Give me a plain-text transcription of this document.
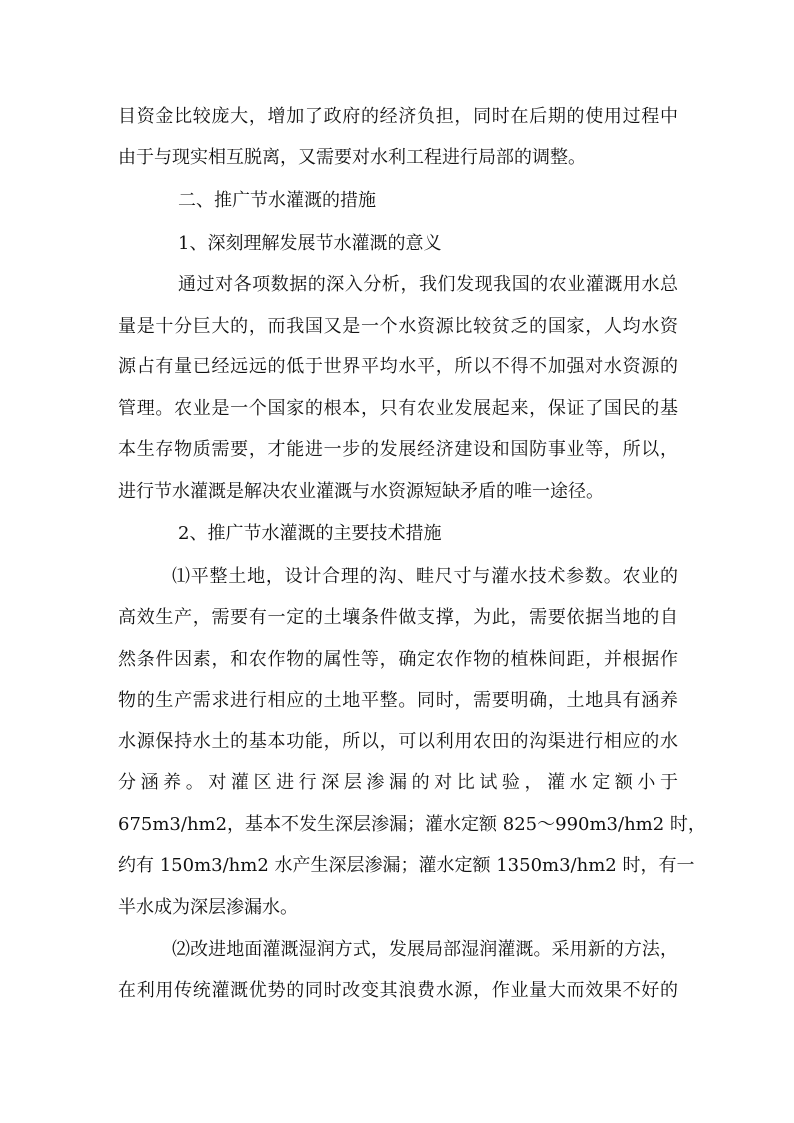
目资金比较庞大，增加了政府的经济负担，同时在后期的使用过程中
由于与现实相互脱离，又需要对水利工程进行局部的调整。
二、推广节水灌溉的措施
1、深刻理解发展节水灌溉的意义
通过对各项数据的深入分析，我们发现我国的农业灌溉用水总
量是十分巨大的，而我国又是一个水资源比较贫乏的国家，人均水资
源占有量已经远远的低于世界平均水平，所以不得不加强对水资源的
管理。农业是一个国家的根本，只有农业发展起来，保证了国民的基
本生存物质需要，才能进一步的发展经济建设和国防事业等，所以，
进行节水灌溉是解决农业灌溉与水资源短缺矛盾的唯一途径。
2、推广节水灌溉的主要技术措施
⑴平整土地，设计合理的沟、畦尺寸与灌水技术参数。农业的
高效生产，需要有一定的土壤条件做支撑，为此，需要依据当地的自
然条件因素，和农作物的属性等，确定农作物的植株间距，并根据作
物的生产需求进行相应的土地平整。同时，需要明确，土地具有涵养
水源保持水土的基本功能，所以，可以利用农田的沟渠进行相应的水
分涵养。对灌区进行深层渗漏的对比试验，灌水定额小于
675m3/hm2，基本不发生深层渗漏；灌水定额 825～990m3/hm2 时，
约有 150m3/hm2 水产生深层渗漏；灌水定额 1350m3/hm2 时，有一
半水成为深层渗漏水。
⑵改进地面灌溉湿润方式，发展局部湿润灌溉。采用新的方法，
在利用传统灌溉优势的同时改变其浪费水源，作业量大而效果不好的
